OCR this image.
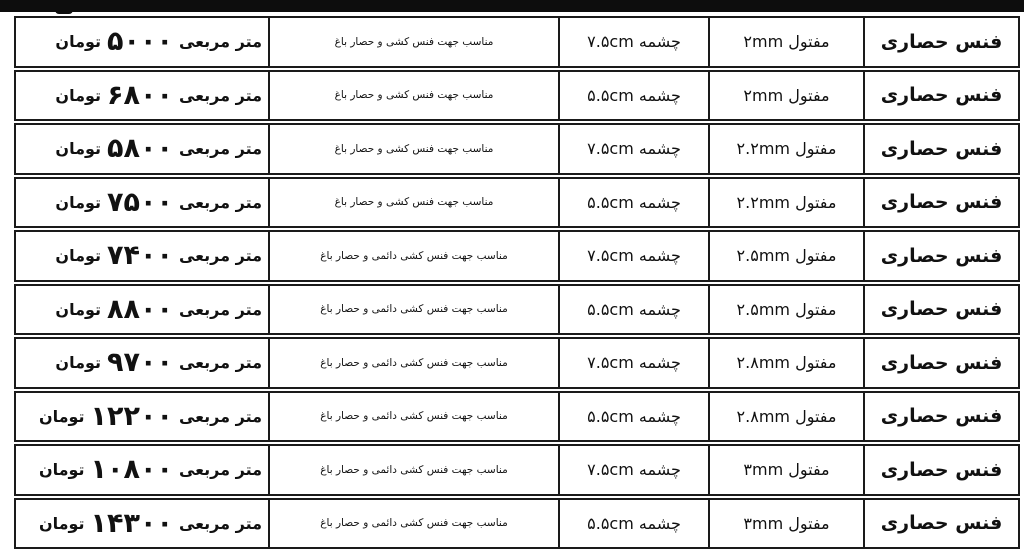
فنس حصاری
مفتول ۲mm
چشمه ۷.۵cm
مناسب جهت فنس کشی و حصار باغ
متر مربعی
۵۰۰۰
تومان
فنس حصاری
مفتول ۲mm
چشمه ۵.۵cm
مناسب جهت فنس کشی و حصار باغ
متر مربعی
۶۸۰۰
تومان
فنس حصاری
مفتول ۲.۲mm
چشمه ۷.۵cm
مناسب جهت فنس کشی و حصار باغ
متر مربعی
۵۸۰۰
تومان
فنس حصاری
مفتول ۲.۲mm
چشمه ۵.۵cm
مناسب جهت فنس کشی و حصار باغ
متر مربعی
۷۵۰۰
تومان
فنس حصاری
مفتول ۲.۵mm
چشمه ۷.۵cm
مناسب جهت فنس کشی دائمی و حصار باغ
متر مربعی
۷۴۰۰
تومان
فنس حصاری
مفتول ۲.۵mm
چشمه ۵.۵cm
مناسب جهت فنس کشی دائمی و حصار باغ
متر مربعی
۸۸۰۰
تومان
فنس حصاری
مفتول ۲.۸mm
چشمه ۷.۵cm
مناسب جهت فنس کشی دائمی و حصار باغ
متر مربعی
۹۷۰۰
تومان
فنس حصاری
مفتول ۲.۸mm
چشمه ۵.۵cm
مناسب جهت فنس کشی دائمی و حصار باغ
متر مربعی
۱۲۲۰۰
تومان
فنس حصاری
مفتول ۳mm
چشمه ۷.۵cm
مناسب جهت فنس کشی دائمی و حصار باغ
متر مربعی
۱۰۸۰۰
تومان
فنس حصاری
مفتول ۳mm
چشمه ۵.۵cm
مناسب جهت فنس کشی دائمی و حصار باغ
متر مربعی
۱۴۳۰۰
تومان
